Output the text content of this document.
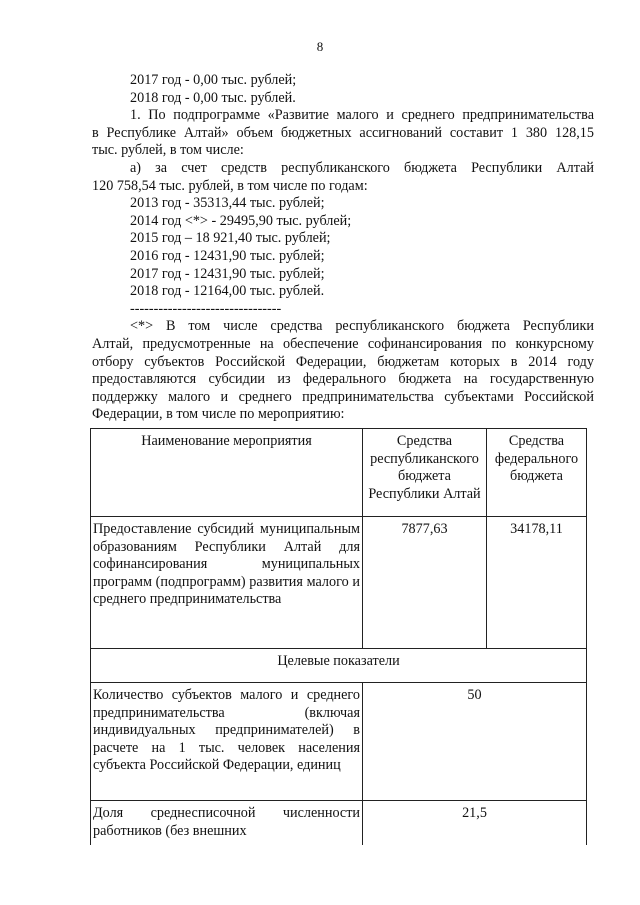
8

2017 год - 0,00 тыс. рублей;

2018 год - 0,00 тыс. рублей.

1. По подпрограмме «Развитие малого и среднего предпринимательства

в Республике Алтай» объем бюджетных ассигнований составит 1 380 128,15

тыс. рублей, в том числе:

а) за счет средств республиканского бюджета Республики Алтай

120 758,54 тыс. рублей, в том числе по годам:

2013 год - 35313,44 тыс. рублей;

2014 год <*> - 29495,90 тыс. рублей;

2015 год – 18 921,40 тыс. рублей;

2016 год - 12431,90 тыс. рублей;

2017 год - 12431,90 тыс. рублей;

2018 год - 12164,00 тыс. рублей.

--------------------------------

<*> В том числе средства республиканского бюджета Республики

Алтай, предусмотренные на обеспечение софинансирования по конкурсному

отбору субъектов Российской Федерации, бюджетам которых в 2014 году

предоставляются субсидии из федерального бюджета на государственную

поддержку малого и среднего предпринимательства субъектами Российской

Федерации, в том числе по мероприятию:

Наименование мероприятия	Средства республиканского бюджета Республики Алтай	Средства федерального бюджета
Предоставление субсидий муниципальным образованиям Республики Алтай для софинансирования муниципальных программ (подпрограмм) развития малого и среднего предпринимательства	7877,63	34178,11
Целевые показатели		
Количество субъектов малого и среднего предпринимательства (включая индивидуальных предпринимателей) в расчете на 1 тыс. человек населения субъекта Российской Федерации, единиц	50	
Доля среднесписочной численности работников (без внешних	21,5	
